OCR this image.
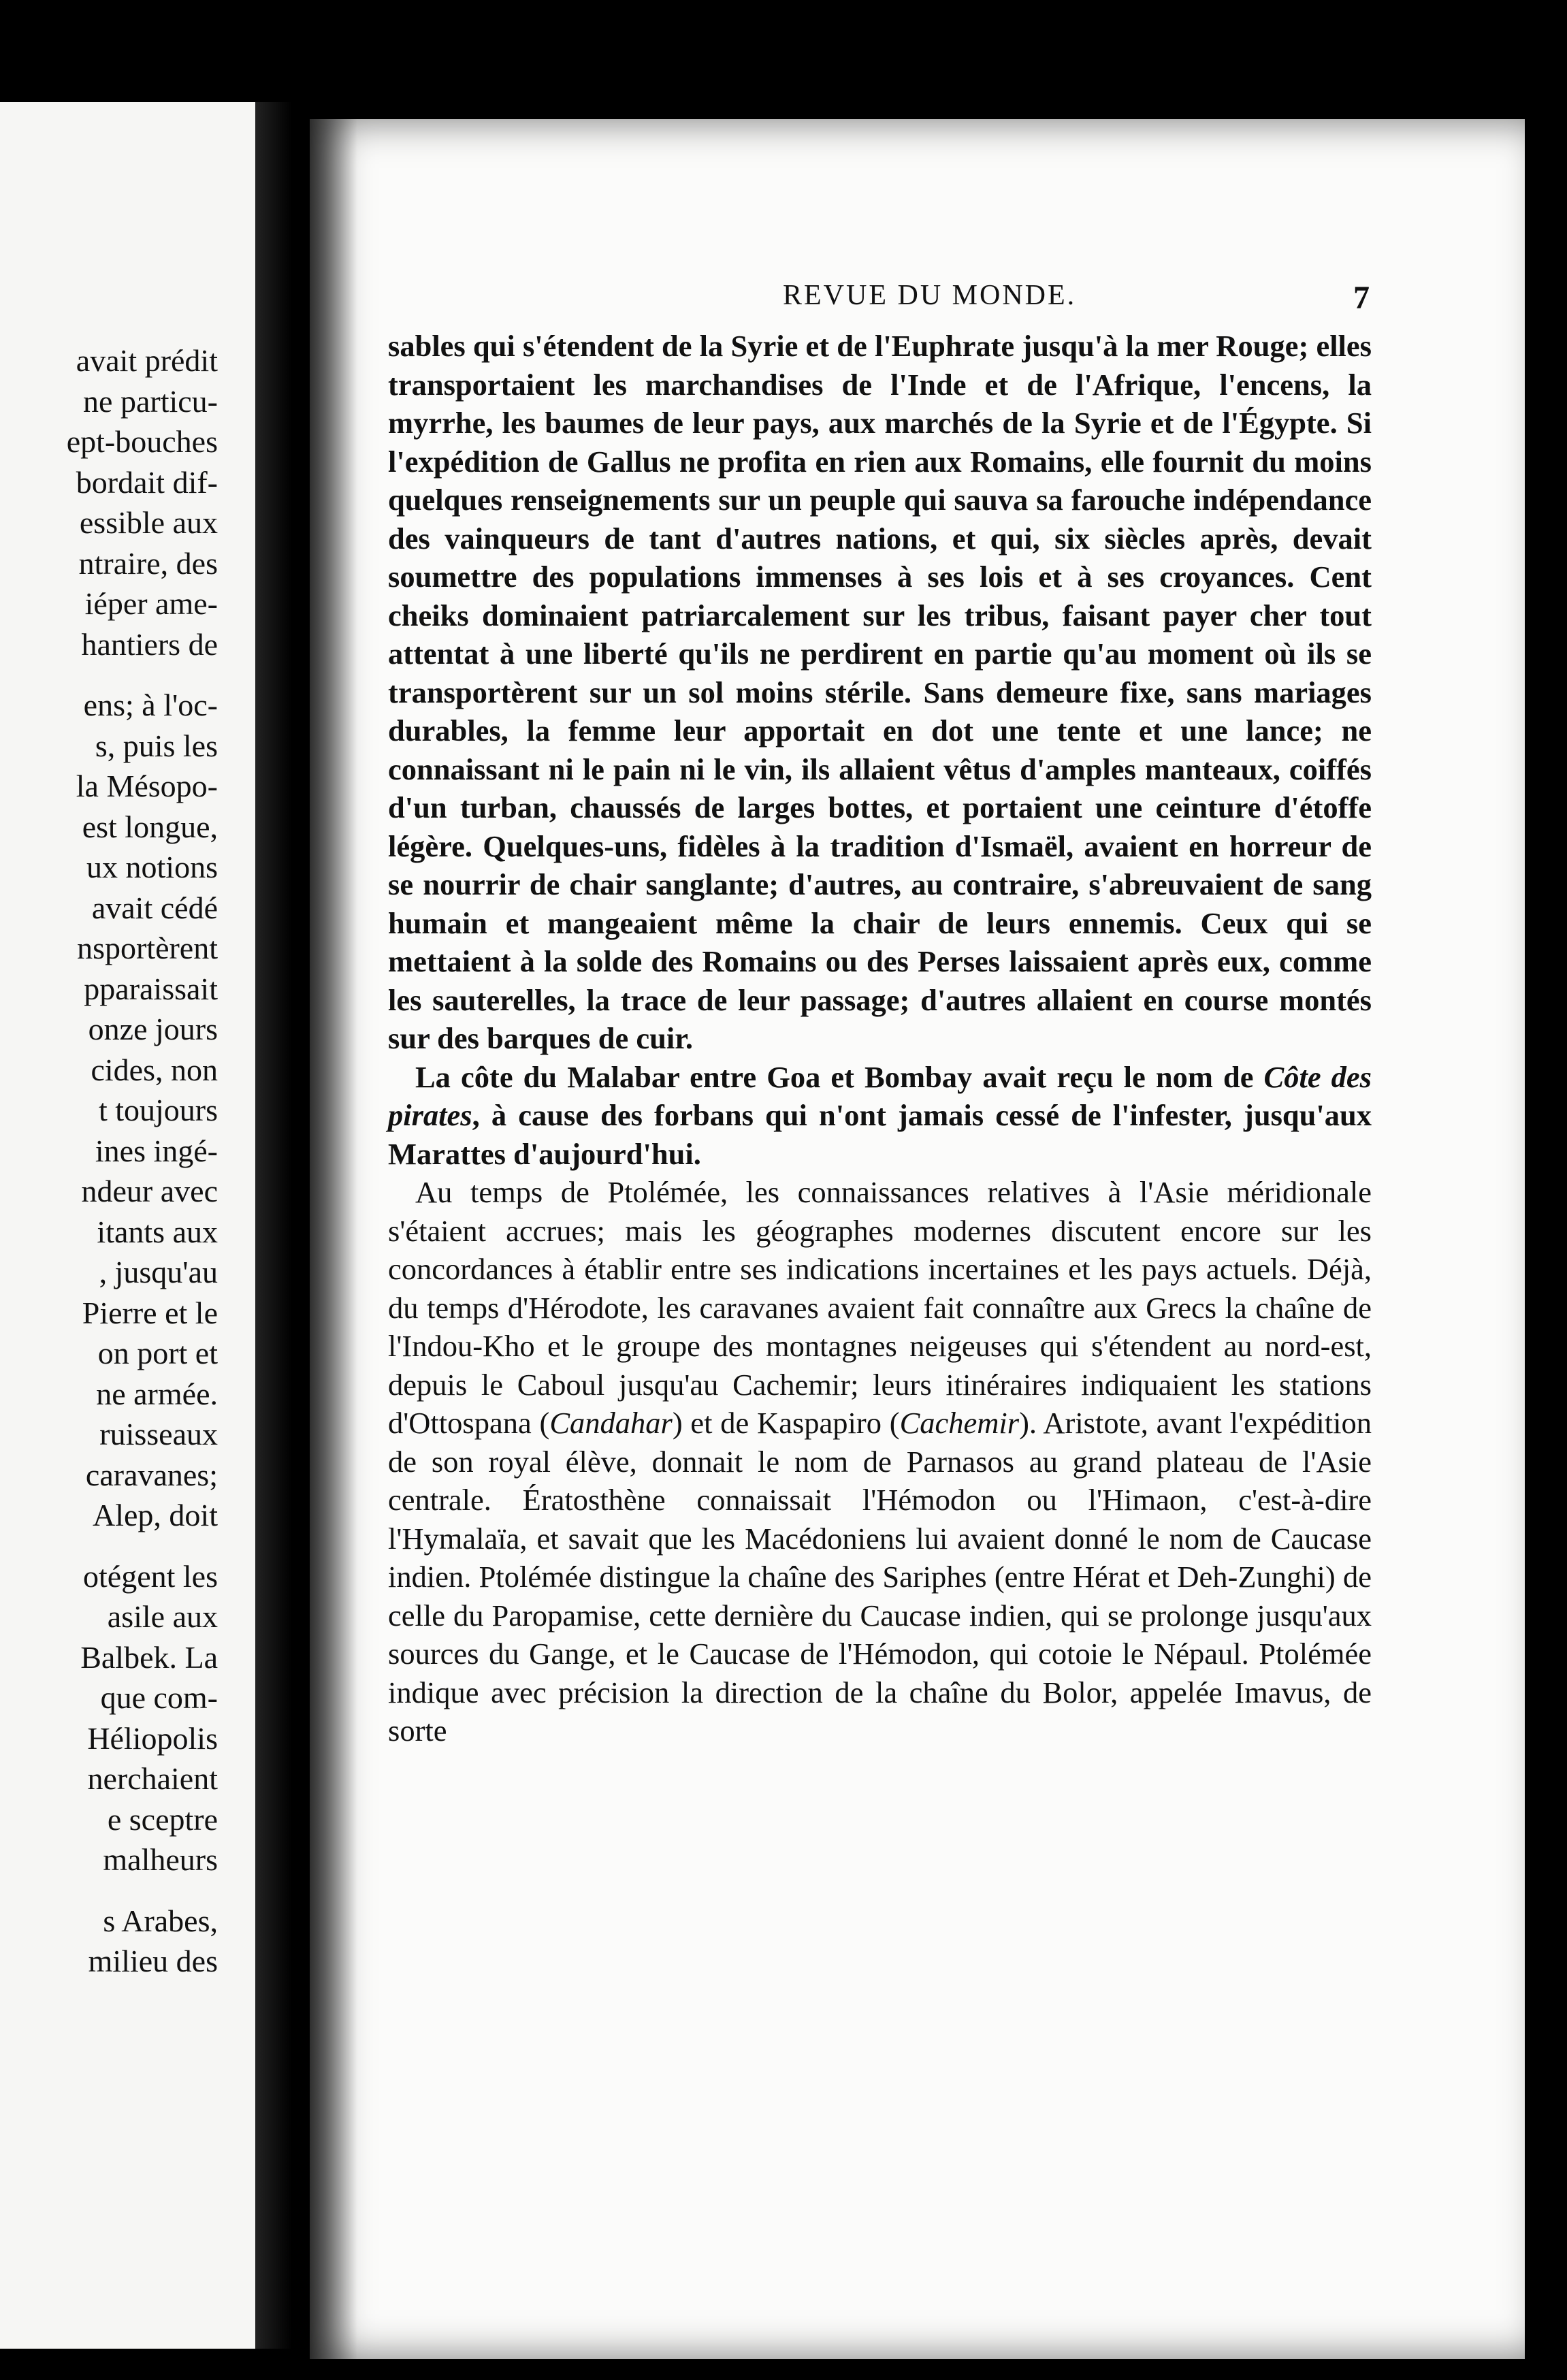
avait prédit
ne particu-
ept-bouches
bordait dif-
essible aux
ntraire, des
iéper ame-
hantiers de
ens; à l'oc-
s, puis les
la Mésopo-
est longue,
ux notions
avait cédé
nsportèrent
pparaissait
onze jours
cides, non
t toujours
ines ingé-
ndeur avec
itants aux
, jusqu'au
Pierre et le
on port et
ne armée.
ruisseaux
caravanes;
Alep, doit
otégent les
asile aux
Balbek. La
que com-
Héliopolis
nerchaient
e sceptre
malheurs
s Arabes,
milieu des
REVUE DU MONDE.	7

sables qui s'étendent de la Syrie et de l'Euphrate jusqu'à la mer Rouge; elles transportaient les marchandises de l'Inde et de l'Afrique, l'encens, la myrrhe, les baumes de leur pays, aux marchés de la Syrie et de l'Égypte. Si l'expédition de Gallus ne profita en rien aux Romains, elle fournit du moins quelques renseignements sur un peuple qui sauva sa farouche indépendance des vainqueurs de tant d'autres nations, et qui, six siècles après, devait soumettre des populations immenses à ses lois et à ses croyances. Cent cheiks dominaient patriarcalement sur les tribus, faisant payer cher tout attentat à une liberté qu'ils ne perdirent en partie qu'au moment où ils se transportèrent sur un sol moins stérile. Sans demeure fixe, sans mariages durables, la femme leur apportait en dot une tente et une lance; ne connaissant ni le pain ni le vin, ils allaient vêtus d'amples manteaux, coiffés d'un turban, chaussés de larges bottes, et portaient une ceinture d'étoffe légère. Quelques-uns, fidèles à la tradition d'Ismaël, avaient en horreur de se nourrir de chair sanglante; d'autres, au contraire, s'abreuvaient de sang humain et mangeaient même la chair de leurs ennemis. Ceux qui se mettaient à la solde des Romains ou des Perses laissaient après eux, comme les sauterelles, la trace de leur passage; d'autres allaient en course montés sur des barques de cuir.

La côte du Malabar entre Goa et Bombay avait reçu le nom de Côte des pirates, à cause des forbans qui n'ont jamais cessé de l'infester, jusqu'aux Marattes d'aujourd'hui.

Au temps de Ptolémée, les connaissances relatives à l'Asie méridionale s'étaient accrues; mais les géographes modernes discutent encore sur les concordances à établir entre ses indications incertaines et les pays actuels. Déjà, du temps d'Hérodote, les caravanes avaient fait connaître aux Grecs la chaîne de l'Indou-Kho et le groupe des montagnes neigeuses qui s'étendent au nord-est, depuis le Caboul jusqu'au Cachemir; leurs itinéraires indiquaient les stations d'Ottospana (Candahar) et de Kaspapiro (Cachemir). Aristote, avant l'expédition de son royal élève, donnait le nom de Parnasos au grand plateau de l'Asie centrale. Ératosthène connaissait l'Hémodon ou l'Himaon, c'est-à-dire l'Hymalaïa, et savait que les Macédoniens lui avaient donné le nom de Caucase indien. Ptolémée distingue la chaîne des Sariphes (entre Hérat et Deh-Zunghi) de celle du Paropamise, cette dernière du Caucase indien, qui se prolonge jusqu'aux sources du Gange, et le Caucase de l'Hémodon, qui cotoie le Népaul. Ptolémée indique avec précision la direction de la chaîne du Bolor, appelée Imavus, de sorte
